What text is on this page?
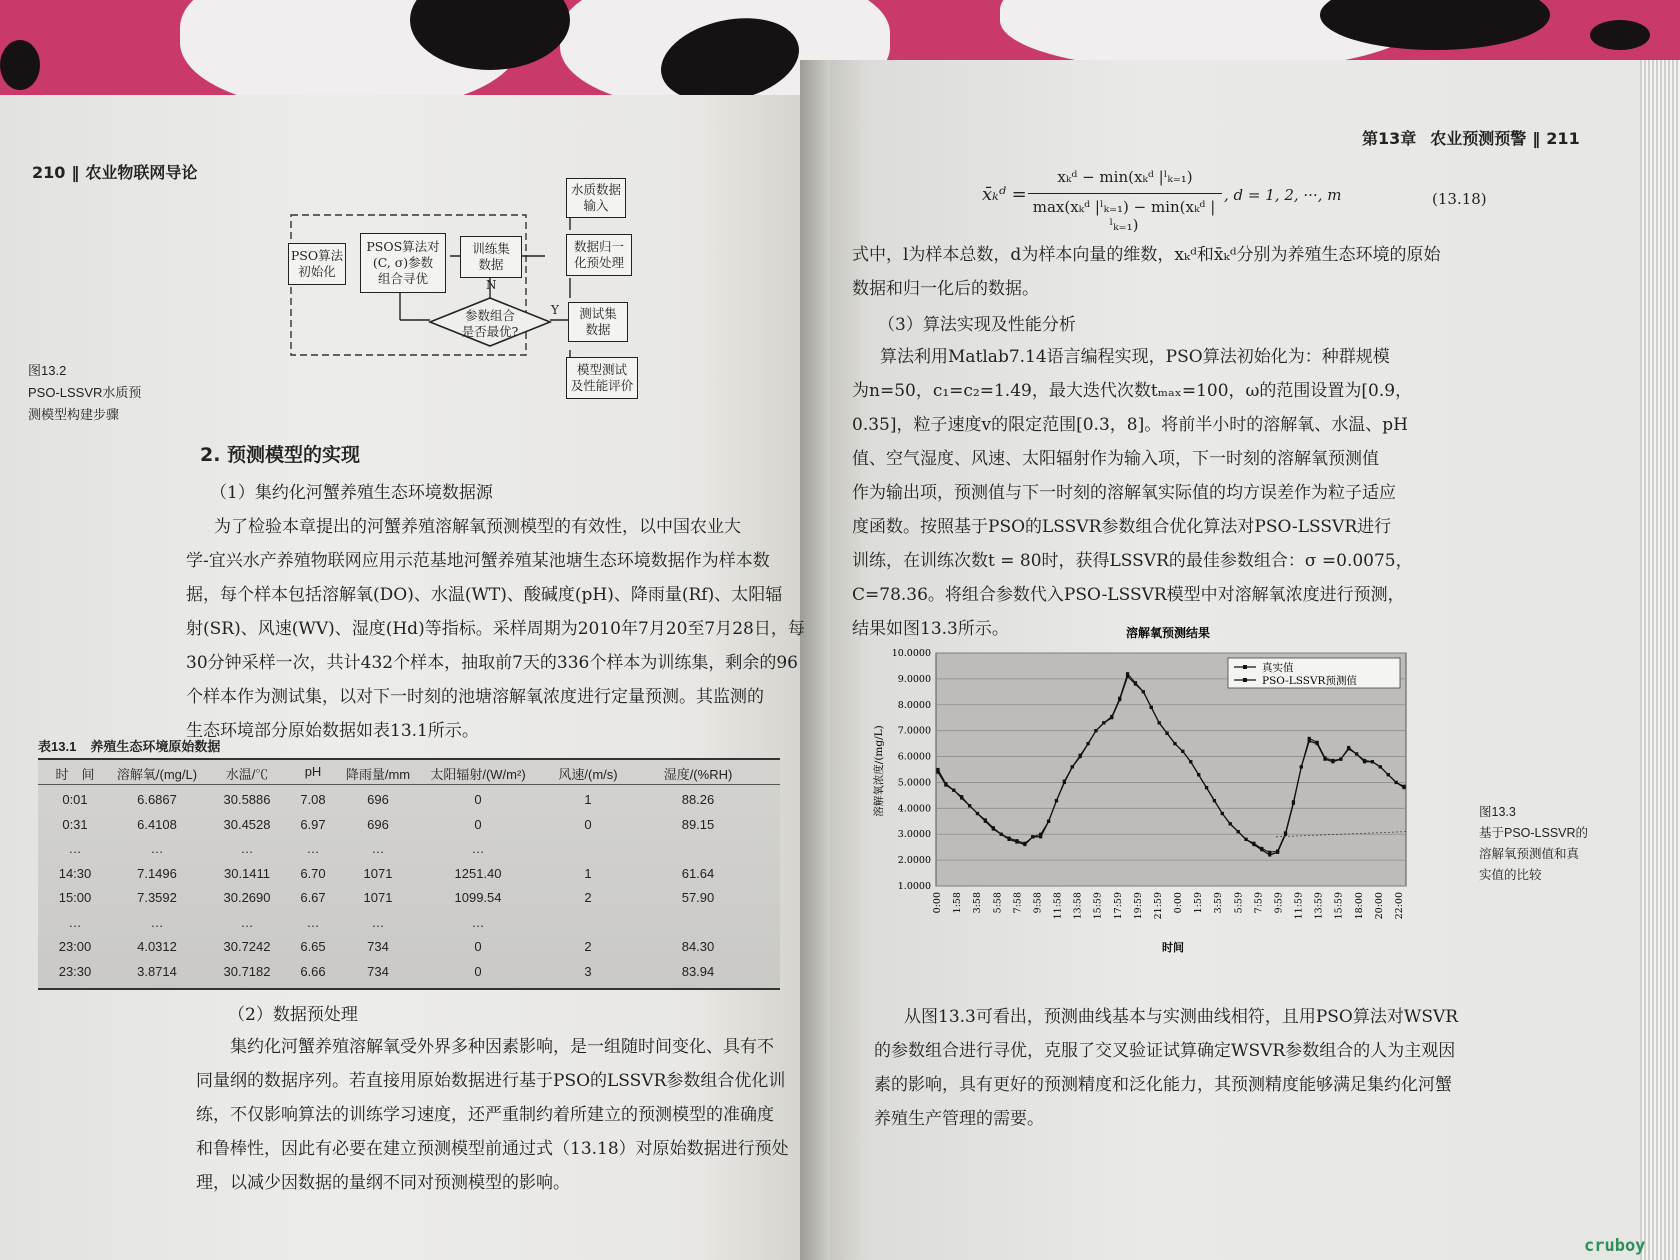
210 ‖ 农业物联网导论
PSO算法
初始化
PSOS算法对
(C, σ)参数
组合寻优
训练集
数据
水质数据
输入
数据归一
化预处理
测试集
数据
参数组合
是否最优?
模型测试
及性能评价
N
Y
图13.2
PSO-LSSVR水质预
测模型构建步骤
2. 预测模型的实现
（1）集约化河蟹养殖生态环境数据源

为了检验本章提出的河蟹养殖溶解氧预测模型的有效性，以中国农业大

学-宜兴水产养殖物联网应用示范基地河蟹养殖某池塘生态环境数据作为样本数

据，每个样本包括溶解氧(DO)、水温(WT)、酸碱度(pH)、降雨量(Rf)、太阳辐

射(SR)、风速(WV)、湿度(Hd)等指标。采样周期为2010年7月20至7月28日，每

30分钟采样一次，共计432个样本，抽取前7天的336个样本为训练集，剩余的96

个样本作为测试集，以对下一时刻的池塘溶解氧浓度进行定量预测。其监测的

生态环境部分原始数据如表13.1所示。

表13.1 养殖生态环境原始数据
时　间	溶解氧/(mg/L)	水温/℃	pH	降雨量/mm	太阳辐射/(W/m²)	风速/(m/s)	湿度/(%RH)
0:01	6.6867	30.5886	7.08	696	0	1	88.26
0:31	6.4108	30.4528	6.97	696	0	0	89.15
…	…	…	…	…	…
14:30	7.1496	30.1411	6.70	1071	1251.40	1	61.64
15:00	7.3592	30.2690	6.67	1071	1099.54	2	57.90
…	…	…	…	…	…
23:00	4.0312	30.7242	6.65	734	0	2	84.30
23:30	3.8714	30.7182	6.66	734	0	3	83.94
（2）数据预处理

集约化河蟹养殖溶解氧受外界多种因素影响，是一组随时间变化、具有不

同量纲的数据序列。若直接用原始数据进行基于PSO的LSSVR参数组合优化训

练，不仅影响算法的训练学习速度，还严重制约着所建立的预测模型的准确度

和鲁棒性，因此有必要在建立预测模型前通过式（13.18）对原始数据进行预处

理，以减少因数据的量纲不同对预测模型的影响。

第13章 农业预测预警 ‖ 211
x̄ₖᵈ =
xₖᵈ − min(xₖᵈ |ˡₖ₌₁)
max(xₖᵈ |ˡₖ₌₁) − min(xₖᵈ |ˡₖ₌₁)
, d = 1, 2, ···, m	(13.18)

式中，l为样本总数，d为样本向量的维数，xₖᵈ和x̄ₖᵈ分别为养殖生态环境的原始

数据和归一化后的数据。

（3）算法实现及性能分析

算法利用Matlab7.14语言编程实现，PSO算法初始化为：种群规模

为n=50，c₁=c₂=1.49，最大迭代次数tₘₐₓ=100，ω的范围设置为[0.9，

0.35]，粒子速度v的限定范围[0.3，8]。将前半小时的溶解氧、水温、pH

值、空气湿度、风速、太阳辐射作为输入项，下一时刻的溶解氧预测值

作为输出项，预测值与下一时刻的溶解氧实际值的均方误差作为粒子适应

度函数。按照基于PSO的LSSVR参数组合优化算法对PSO-LSSVR进行

训练，在训练次数t = 80时，获得LSSVR的最佳参数组合：σ =0.0075，

C=78.36。将组合参数代入PSO-LSSVR模型中对溶解氧浓度进行预测，

结果如图13.3所示。	溶解氧预测结果
1.0000
2.0000
3.0000
4.0000
5.0000
6.0000
7.0000
8.0000
9.0000
10.0000
0:00 1:58 3:58 5:58 7:58 9:58 11:58 13:58 15:59 17:59 19:59 21:59 0:00 1:59 3:59 5:59 7:59 9:59 11:59 13:59 15:59 18:00 20:00 22:00
真实值
PSO-LSSVR预测值
溶解氧浓度/(mg/L)
时间
图13.3
基于PSO-LSSVR的
溶解氧预测值和真
实值的比较

从图13.3可看出，预测曲线基本与实测曲线相符，且用PSO算法对WSVR

的参数组合进行寻优，克服了交叉验证试算确定WSVR参数组合的人为主观因

素的影响，具有更好的预测精度和泛化能力，其预测精度能够满足集约化河蟹

养殖生产管理的需要。

cruboy
